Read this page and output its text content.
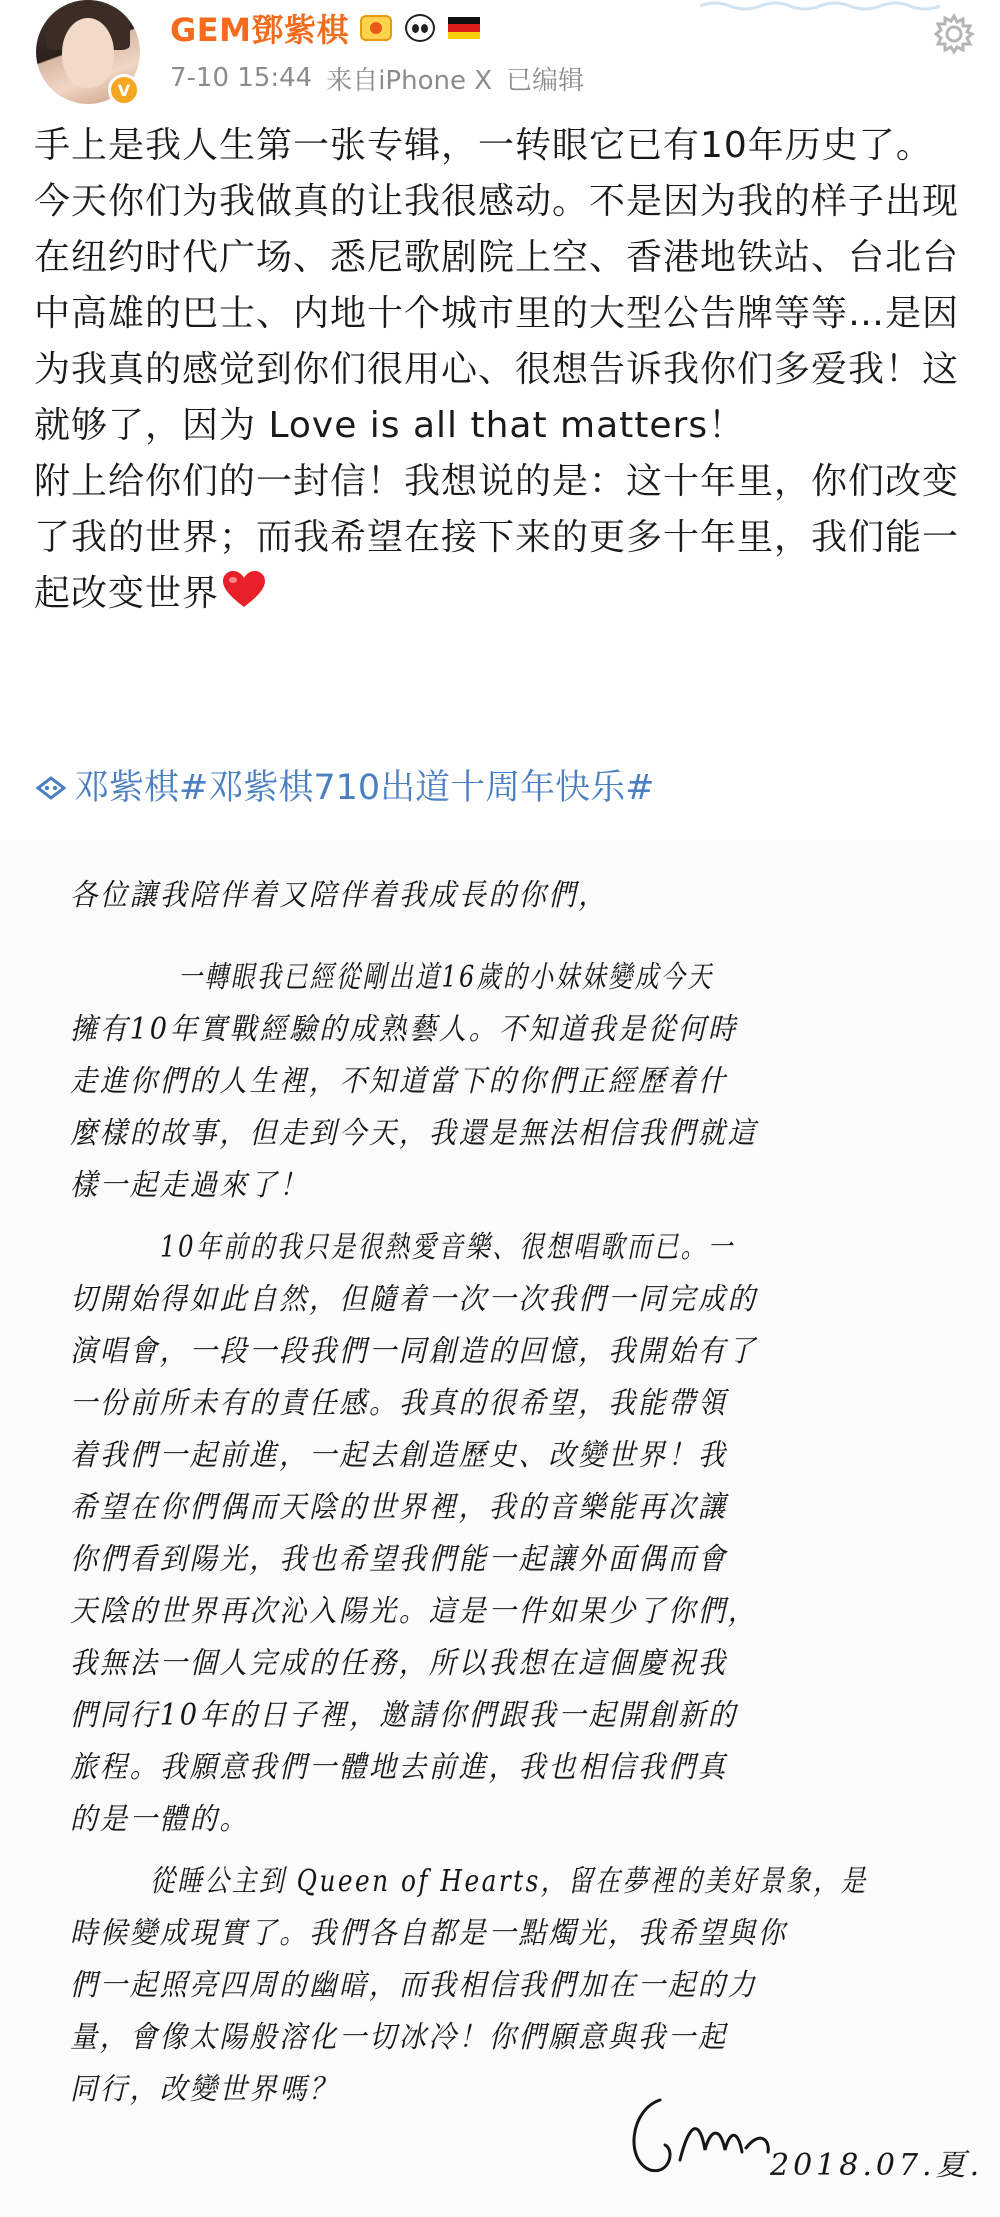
V
GEM鄧紫棋
7-10 15:44 来自iPhone X 已编辑

手上是我人生第一张专辑，一转眼它已有10年历史了。

今天你们为我做真的让我很感动。不是因为我的样子出现在纽约时代广场、悉尼歌剧院上空、香港地铁站、台北台中高雄的巴士、内地十个城市里的大型公告牌等等…是因为我真的感觉到你们很用心、很想告诉我你们多爱我！这就够了，因为 Love is all that matters！

附上给你们的一封信！我想说的是：这十年里，你们改变了我的世界；而我希望在接下来的更多十年里，我们能一起改变世界

邓紫棋 #邓紫棋710出道十周年快乐#
各位讓我陪伴着又陪伴着我成長的你們，
一轉眼我已經從剛出道16歲的小妹妹變成今天
擁有10年實戰經驗的成熟藝人。不知道我是從何時
走進你們的人生裡，不知道當下的你們正經歷着什
麼樣的故事，但走到今天，我還是無法相信我們就這
樣一起走過來了！
10年前的我只是很熱愛音樂、很想唱歌而已。一
切開始得如此自然，但隨着一次一次我們一同完成的
演唱會，一段一段我們一同創造的回憶，我開始有了
一份前所未有的責任感。我真的很希望，我能帶領
着我們一起前進，一起去創造歷史、改變世界！我
希望在你們偶而天陰的世界裡，我的音樂能再次讓
你們看到陽光，我也希望我們能一起讓外面偶而會
天陰的世界再次沁入陽光。這是一件如果少了你們，
我無法一個人完成的任務，所以我想在這個慶祝我
們同行10年的日子裡，邀請你們跟我一起開創新的
旅程。我願意我們一體地去前進，我也相信我們真
的是一體的。
從睡公主到 Queen of Hearts，留在夢裡的美好景象，是
時候變成現實了。我們各自都是一點燭光，我希望與你
們一起照亮四周的幽暗，而我相信我們加在一起的力
量，會像太陽般溶化一切冰冷！你們願意與我一起
同行，改變世界嗎？
2018.07.夏.
